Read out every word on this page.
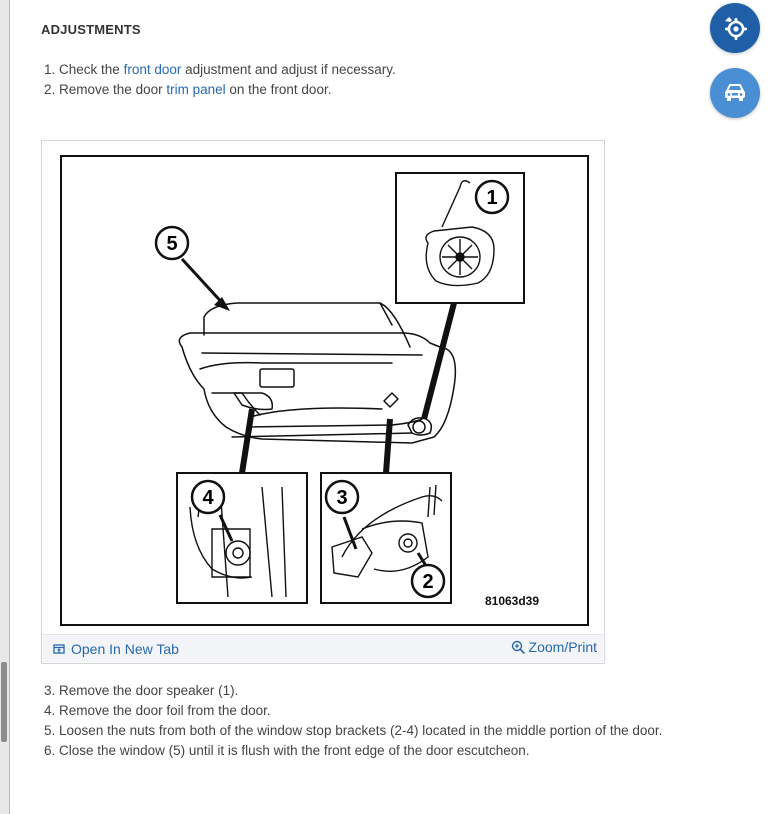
ADJUSTMENTS
1. Check the front door adjustment and adjust if necessary.
2. Remove the door trim panel on the front door.
1
5
4	3
2
81063d39
Open In New Tab	Zoom/Print
3. Remove the door speaker (1).
4. Remove the door foil from the door.
5. Loosen the nuts from both of the window stop brackets (2-4) located in the middle portion of the door.
6. Close the window (5) until it is flush with the front edge of the door escutcheon.
